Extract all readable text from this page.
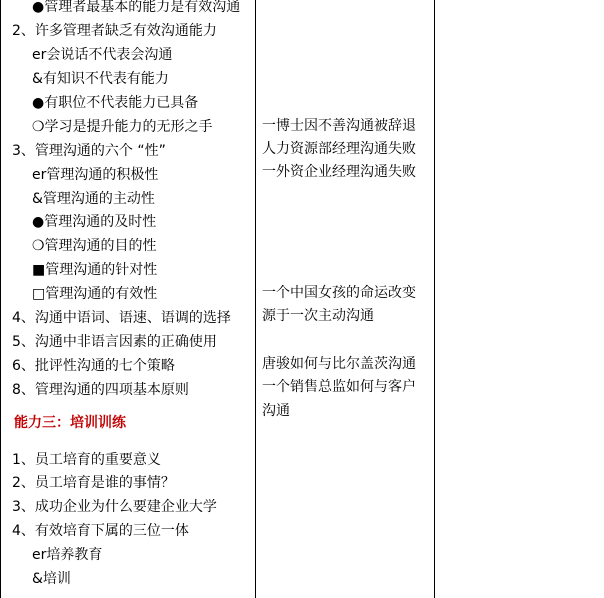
●管理者最基本的能力是有效沟通
2、许多管理者缺乏有效沟通能力
er会说话不代表会沟通
&有知识不代表有能力
●有职位不代表能力已具备
❍学习是提升能力的无形之手
3、管理沟通的六个 “性”
er管理沟通的积极性
&管理沟通的主动性
●管理沟通的及时性
❍管理沟通的目的性
■管理沟通的针对性
□管理沟通的有效性
4、沟通中语词、语速、语调的选择
5、沟通中非语言因素的正确使用
6、批评性沟通的七个策略
8、管理沟通的四项基本原则
能力三：培训训练
1、员工培育的重要意义
2、员工培育是谁的事情？
3、成功企业为什么要建企业大学
4、有效培育下属的三位一体
er培养教育
&培训
一博士因不善沟通被辞退
人力资源部经理沟通失败
一外资企业经理沟通失败
一个中国女孩的命运改变
源于一次主动沟通
唐骏如何与比尔盖茨沟通
一个销售总监如何与客户
沟通
